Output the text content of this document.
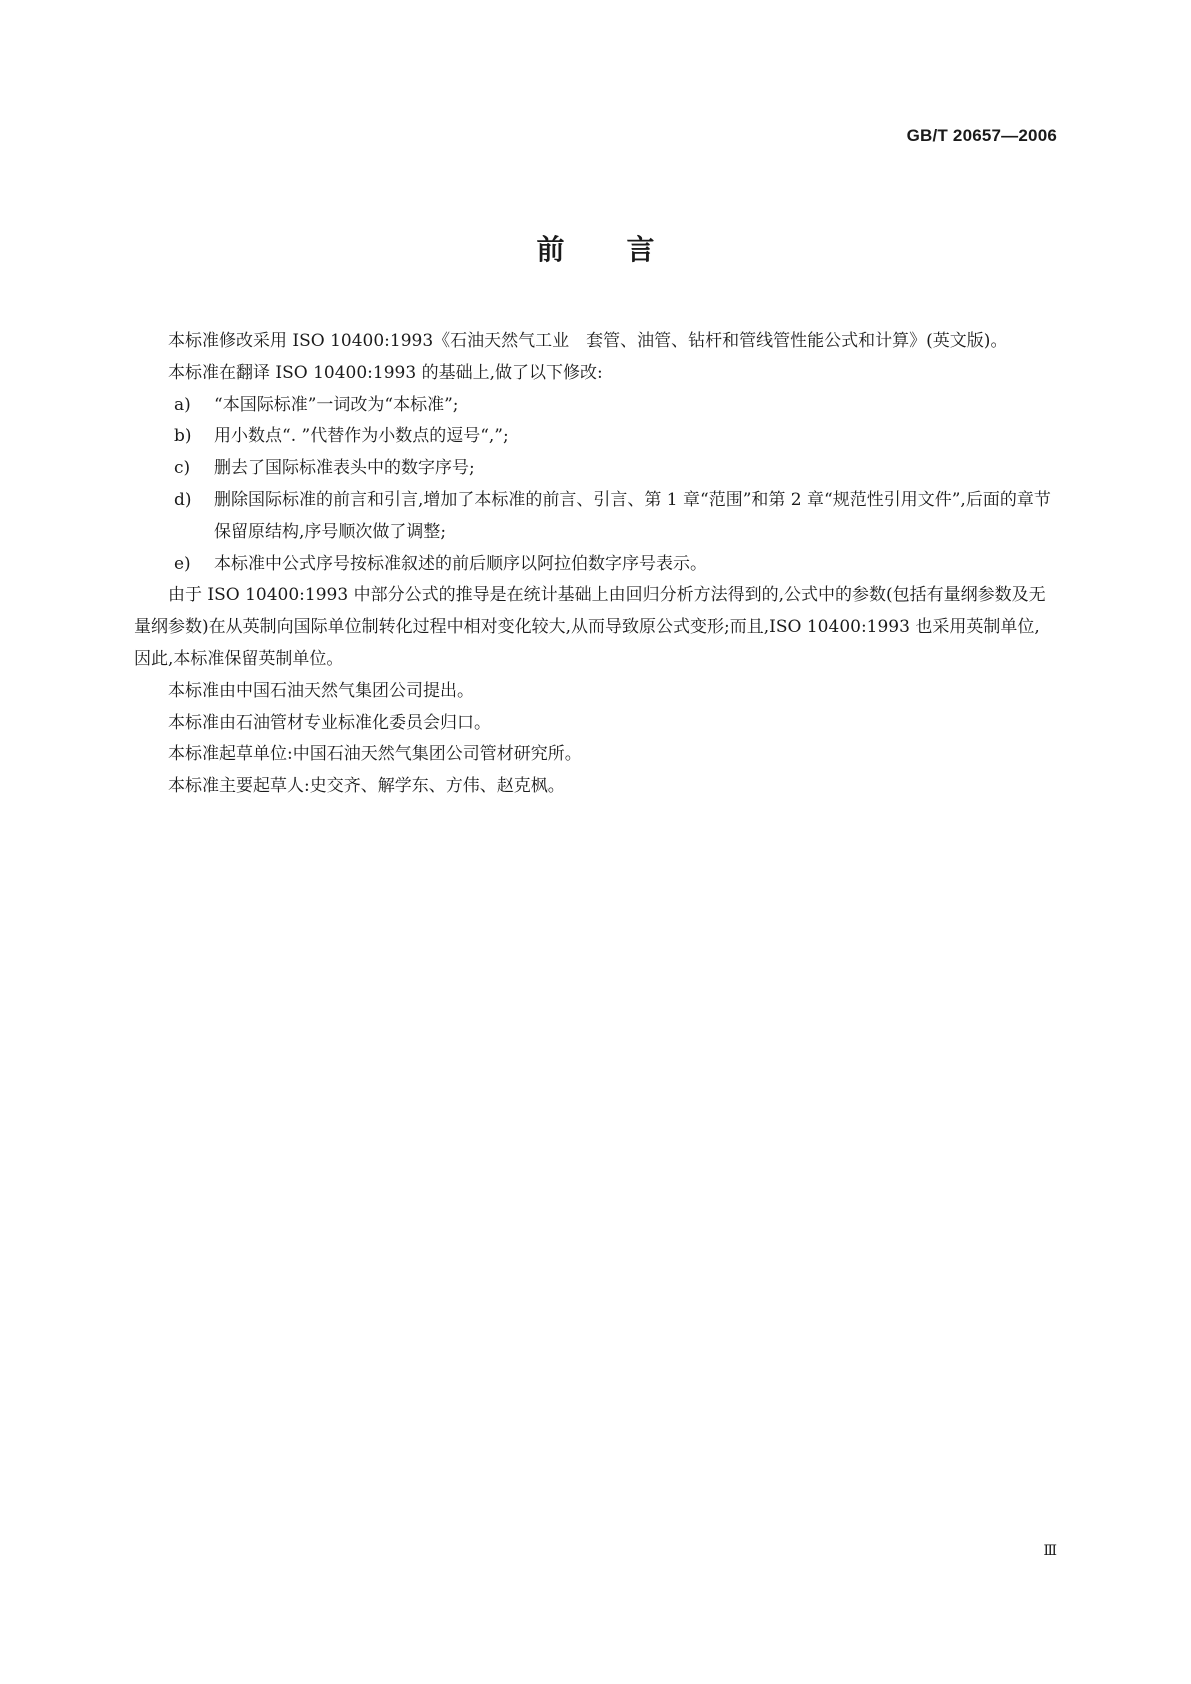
GB/T 20657—2006
前 言

本标准修改采用 ISO 10400:1993《石油天然气工业　套管、油管、钻杆和管线管性能公式和计算》(英文版)。

本标准在翻译 ISO 10400:1993 的基础上,做了以下修改:

a) “本国际标准”一词改为“本标准”;
b) 用小数点“. ”代替作为小数点的逗号“,”;
c) 删去了国际标准表头中的数字序号;
d) 删除国际标准的前言和引言,增加了本标准的前言、引言、第 1 章“范围”和第 2 章“规范性引用文件”,后面的章节保留原结构,序号顺次做了调整;
e) 本标准中公式序号按标准叙述的前后顺序以阿拉伯数字序号表示。

由于 ISO 10400:1993 中部分公式的推导是在统计基础上由回归分析方法得到的,公式中的参数(包括有量纲参数及无量纲参数)在从英制向国际单位制转化过程中相对变化较大,从而导致原公式变形;而且,ISO 10400:1993 也采用英制单位,因此,本标准保留英制单位。

本标准由中国石油天然气集团公司提出。

本标准由石油管材专业标准化委员会归口。

本标准起草单位:中国石油天然气集团公司管材研究所。

本标准主要起草人:史交齐、解学东、方伟、赵克枫。

Ⅲ
